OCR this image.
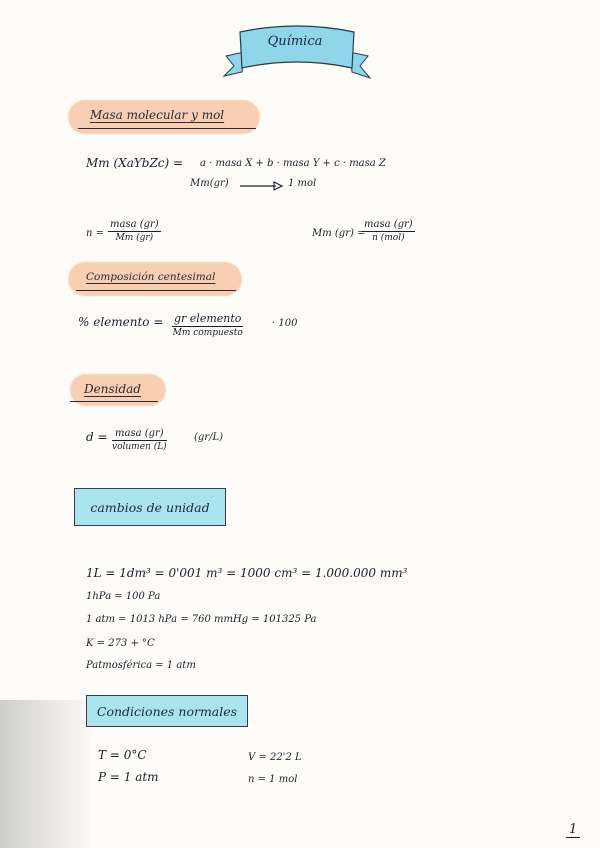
Química
Masa molecular y mol
Mm (XaYbZc) = a · masa X + b · masa Y + c · masa Z
Mm(gr)	1 mol
n =
masa (gr)
Mm (gr)	Mm (gr) =
masa (gr)
n (mol)
Composición centesimal
% elemento = gr elemento
Mm compuesto
· 100
Densidad
d = masa (gr)
volumen (L)
(gr/L)
cambios de unidad
1L = 1dm³ = 0'001 m³ = 1000 cm³ = 1.000.000 mm³
1hPa = 100 Pa
1 atm = 1013 hPa = 760 mmHg = 101325 Pa
K = 273 + °C
Patmosférica = 1 atm
Condiciones normales
T = 0°C
P = 1 atm
V = 22'2 L
n = 1 mol
1
